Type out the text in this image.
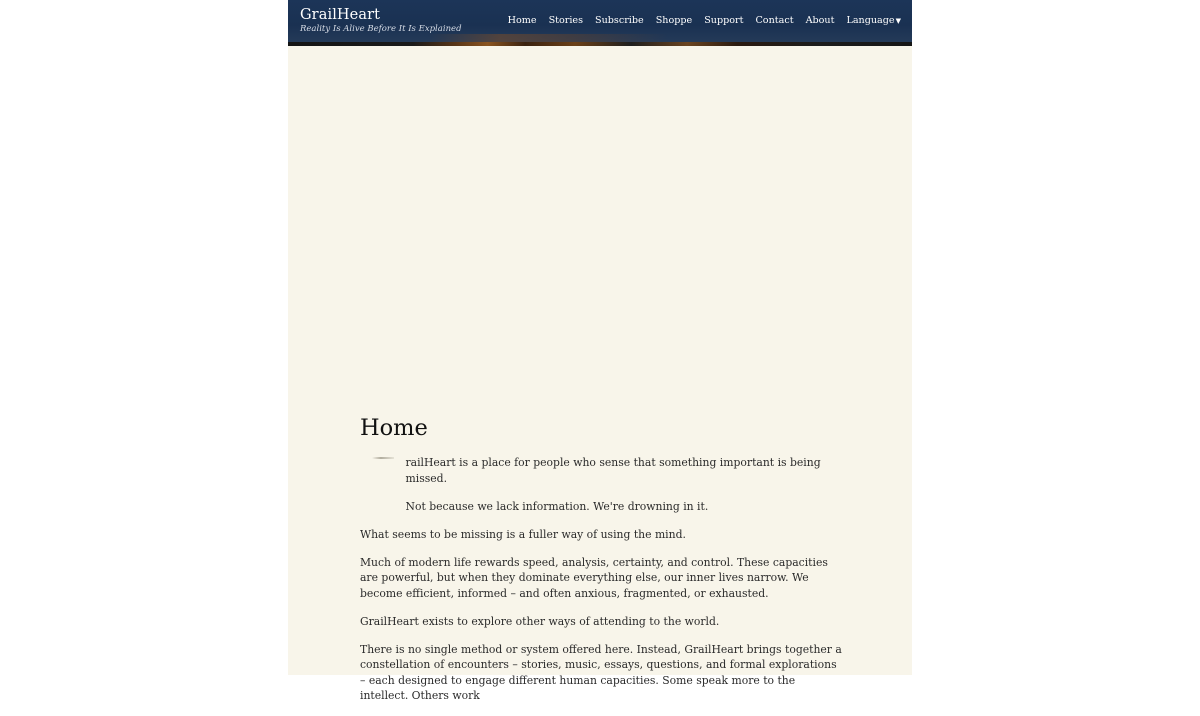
GrailHeart
Reality Is Alive Before It Is Explained
Home Stories Subscribe Shoppe Support Contact About Language▼
Home

railHeart is a place for people who sense that something important is being missed.

Not because we lack information. We're drowning in it.

What seems to be missing is a fuller way of using the mind.

Much of modern life rewards speed, analysis, certainty, and control. These capacities are powerful, but when they dominate everything else, our inner lives narrow. We become efficient, informed – and often anxious, fragmented, or exhausted.

GrailHeart exists to explore other ways of attending to the world.

There is no single method or system offered here. Instead, GrailHeart brings together a constellation of encounters – stories, music, essays, questions, and formal explorations – each designed to engage different human capacities. Some speak more to the intellect. Others work
